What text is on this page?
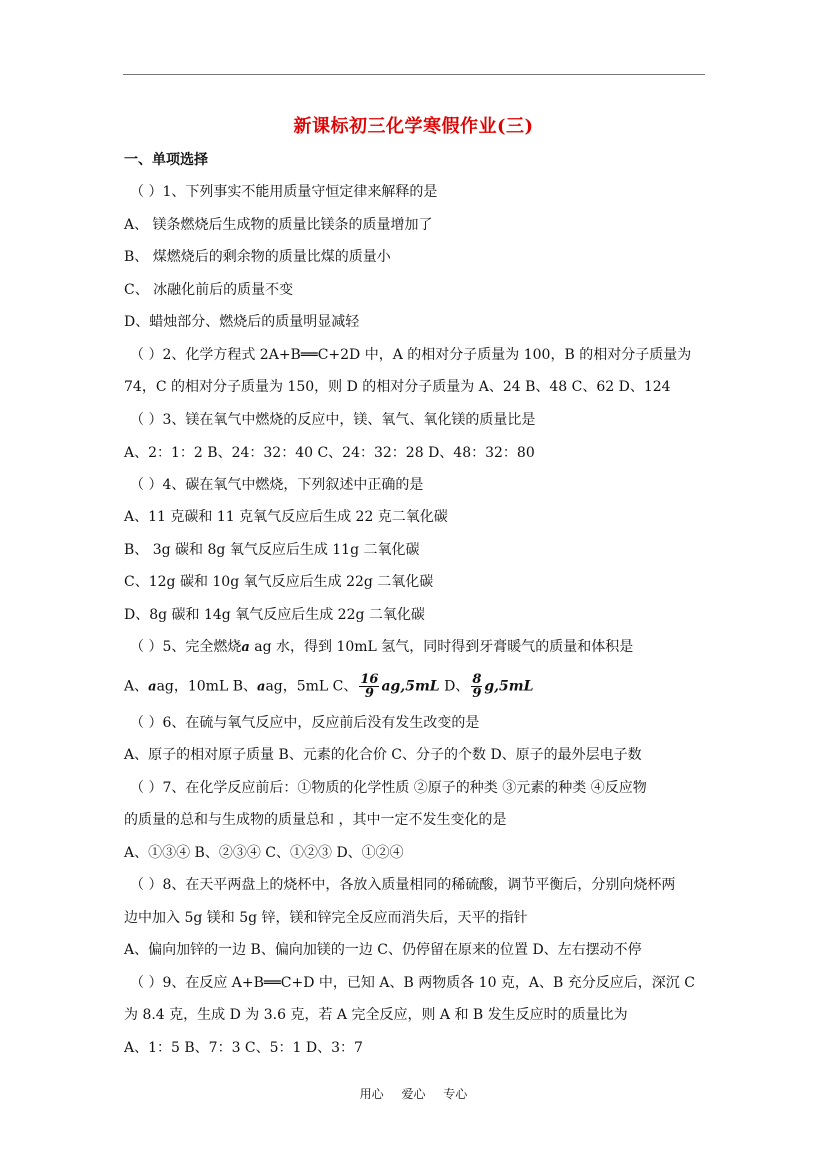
新课标初三化学寒假作业(三)
一、单项选择
（ ）1、下列事实不能用质量守恒定律来解释的是
A、 镁条燃烧后生成物的质量比镁条的质量增加了
B、 煤燃烧后的剩余物的质量比煤的质量小
C、 冰融化前后的质量不变
D、蜡烛部分、燃烧后的质量明显减轻
（ ）2、化学方程式 2A+B══C+2D 中，A 的相对分子质量为 100，B 的相对分子质量为
74，C 的相对分子质量为 150，则 D 的相对分子质量为 A、24 B、48 C、62 D、124
（ ）3、镁在氧气中燃烧的反应中，镁、氧气、氧化镁的质量比是
A、2：1：2 B、24：32：40 C、24：32：28 D、48：32：80
（ ）4、碳在氧气中燃烧，下列叙述中正确的是
A、11 克碳和 11 克氧气反应后生成 22 克二氧化碳
B、 3g 碳和 8g 氧气反应后生成 11g 二氧化碳
C、12g 碳和 10g 氧气反应后生成 22g 二氧化碳
D、8g 碳和 14g 氧气反应后生成 22g 二氧化碳
（ ）5、完全燃烧a ag 水，得到 10mL 氢气，同时得到牙膏暖气的质量和体积是
A、aag，10mL B、aag，5mL C、 $\frac{16}{9} ag,5mL$ D、 $\frac{8}{9} g,5mL$
（ ）6、在硫与氧气反应中，反应前后没有发生改变的是
A、原子的相对原子质量 B、元素的化合价 C、分子的个数 D、原子的最外层电子数
（ ）7、在化学反应前后：①物质的化学性质 ②原子的种类 ③元素的种类 ④反应物
的质量的总和与生成物的质量总和 ，其中一定不发生变化的是
A、①③④ B、②③④ C、①②③ D、①②④
（ ）8、在天平两盘上的烧杯中，各放入质量相同的稀硫酸，调节平衡后，分别向烧杯两
边中加入 5g 镁和 5g 锌，镁和锌完全反应而消失后，天平的指针
A、偏向加锌的一边 B、偏向加镁的一边 C、仍停留在原来的位置 D、左右摆动不停
（ ）9、在反应 A+B══C+D 中，已知 A、B 两物质各 10 克，A、B 充分反应后，深沉 C
为 8.4 克，生成 D 为 3.6 克，若 A 完全反应，则 A 和 B 发生反应时的质量比为
A、1：5 B、7：3 C、5：1 D、3：7
用心 爱心 专心
